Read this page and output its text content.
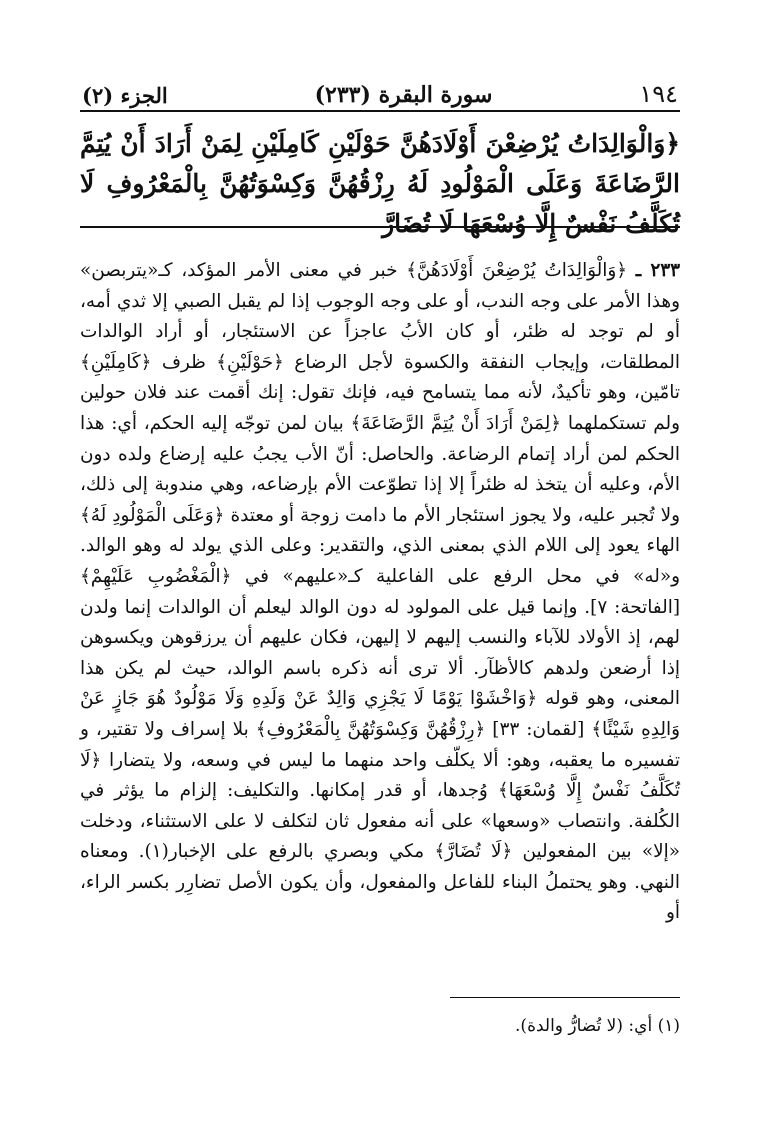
١٩٤
سورة البقرة (٢٣٣)
الجزء (٢)
﴿وَالْوَالِدَاتُ يُرْضِعْنَ أَوْلَادَهُنَّ حَوْلَيْنِ كَامِلَيْنِ لِمَنْ أَرَادَ أَنْ يُتِمَّ الرَّضَاعَةَ وَعَلَى الْمَوْلُودِ لَهُ رِزْقُهُنَّ وَكِسْوَتُهُنَّ بِالْمَعْرُوفِ لَا تُكَلَّفُ نَفْسٌ إِلَّا وُسْعَهَا لَا تُضَارَّ

٢٣٣ ـ ﴿وَالْوَالِدَاتُ يُرْضِعْنَ أَوْلَادَهُنَّ﴾ خبر في معنى الأمر المؤكد، كـ«يتربصن» وهذا الأمر على وجه الندب، أو على وجه الوجوب إذا لم يقبل الصبي إلا ثدي أمه، أو لم توجد له ظئر، أو كان الأبُ عاجزاً عن الاستئجار، أو أراد الوالدات المطلقات، وإيجاب النفقة والكسوة لأجل الرضاع ﴿حَوْلَيْنِ﴾ ظرف ﴿كَامِلَيْنِ﴾ تامّين، وهو تأكيدٌ، لأنه مما يتسامح فيه، فإنك تقول: إنك أقمت عند فلان حولين ولم تستكملهما ﴿لِمَنْ أَرَادَ أَنْ يُتِمَّ الرَّضَاعَةَ﴾ بيان لمن توجّه إليه الحكم، أي: هذا الحكم لمن أراد إتمام الرضاعة. والحاصل: أنّ الأب يجبُ عليه إرضاع ولده دون الأم، وعليه أن يتخذ له ظئراً إلا إذا تطوّعت الأم بإرضاعه، وهي مندوبة إلى ذلك، ولا تُجبر عليه، ولا يجوز استئجار الأم ما دامت زوجة أو معتدة ﴿وَعَلَى الْمَوْلُودِ لَهُ﴾ الهاء يعود إلى اللام الذي بمعنى الذي، والتقدير: وعلى الذي يولد له وهو الوالد. و«له» في محل الرفع على الفاعلية كـ«عليهم» في ﴿الْمَغْضُوبِ عَلَيْهِمْ﴾ [الفاتحة: ٧]. وإنما قيل على المولود له دون الوالد ليعلم أن الوالدات إنما ولدن لهم، إذ الأولاد للآباء والنسب إليهم لا إليهن، فكان عليهم أن يرزقوهن ويكسوهن إذا أرضعن ولدهم كالأظآر. ألا ترى أنه ذكره باسم الوالد، حيث لم يكن هذا المعنى، وهو قوله ﴿وَاخْشَوْا يَوْمًا لَا يَجْزِي وَالِدٌ عَنْ وَلَدِهِ وَلَا مَوْلُودٌ هُوَ جَازٍ عَنْ وَالِدِهِ شَيْئًا﴾ [لقمان: ٣٣] ﴿رِزْقُهُنَّ وَكِسْوَتُهُنَّ بِالْمَعْرُوفِ﴾ بلا إسراف ولا تقتير، و تفسيره ما يعقبه، وهو: ألا يكلّف واحد منهما ما ليس في وسعه، ولا يتضارا ﴿لَا تُكَلَّفُ نَفْسٌ إِلَّا وُسْعَهَا﴾ وُجدها، أو قدر إمكانها. والتكليف: إلزام ما يؤثر في الكُلفة. وانتصاب «وسعها» على أنه مفعول ثان لتكلف لا على الاستثناء، ودخلت «إلا» بين المفعولين ﴿لَا تُضَارَّ﴾ مكي وبصري بالرفع على الإخبار(١). ومعناه النهي. وهو يحتملُ البناء للفاعل والمفعول، وأن يكون الأصل تضارِر بكسر الراء، أو

(١) أي: (لا تُضارُّ والدة).
